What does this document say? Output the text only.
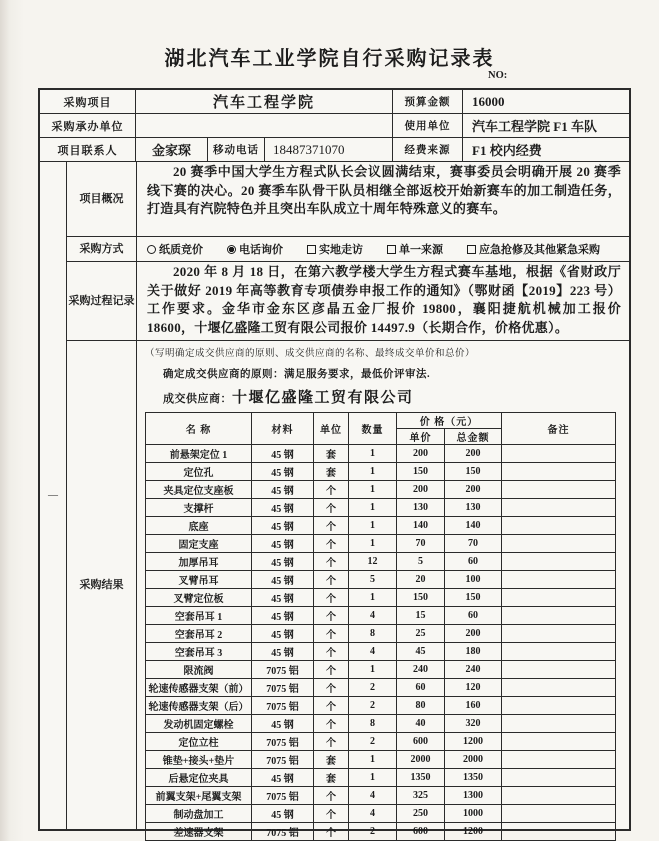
湖北汽车工业学院自行采购记录表
NO:
采购项目	汽车工程学院	预算金额	16000
采购承办单位	使用单位	汽车工程学院 F1 车队
项目联系人	金家琛	移动电话	18487371070	经费来源	F1 校内经费
—
项目概况
20 赛季中国大学生方程式队长会议圆满结束，赛事委员会明确开展 20 赛季线下赛的决心。20 赛季车队骨干队员相继全部返校开始新赛车的加工制造任务，打造具有汽院特色并且突出车队成立十周年特殊意义的赛车。
采购方式	纸质竞价	电话询价	实地走访	单一来源	应急抢修及其他紧急采购
采购过程记录
2020 年 8 月 18 日，在第六教学楼大学生方程式赛车基地，根据《省财政厅关于做好 2019 年高等教育专项债券申报工作的通知》（鄂财函【2019】223 号）工作要求。金华市金东区彦晶五金厂报价 19800，襄阳捷航机械加工报价 18600，十堰亿盛隆工贸有限公司报价 14497.9（长期合作，价格优惠）。
采购结果
（写明确定成交供应商的原则、成交供应商的名称、最终成交单价和总价）
确定成交供应商的原则：满足服务要求，最低价评审法.
成交供应商： 十堰亿盛隆工贸有限公司
名 称	材料	单位	数量	价 格（元）		备注
				单价	总金额	
前悬架定位 1	45 钢	套	1	200	200	
定位孔	45 钢	套	1	150	150	
夹具定位支座板	45 钢	个	1	200	200	
支撑杆	45 钢	个	1	130	130	
底座	45 钢	个	1	140	140	
固定支座	45 钢	个	1	70	70	
加厚吊耳	45 钢	个	12	5	60	
叉臂吊耳	45 钢	个	5	20	100	
叉臂定位板	45 钢	个	1	150	150	
空套吊耳 1	45 钢	个	4	15	60	
空套吊耳 2	45 钢	个	8	25	200	
空套吊耳 3	45 钢	个	4	45	180	
限流阀	7075 铝	个	1	240	240	
轮速传感器支架（前）	7075 铝	个	2	60	120	
轮速传感器支架（后）	7075 铝	个	2	80	160	
发动机固定螺栓	45 钢	个	8	40	320	
定位立柱	7075 铝	个	2	600	1200	
锥垫+接头+垫片	7075 铝	套	1	2000	2000	
后悬定位夹具	45 钢	套	1	1350	1350	
前翼支架+尾翼支架	7075 铝	个	4	325	1300	
制动盘加工	45 钢	个	4	250	1000	
差速器支架	7075 铝	个	2	600	1200	
